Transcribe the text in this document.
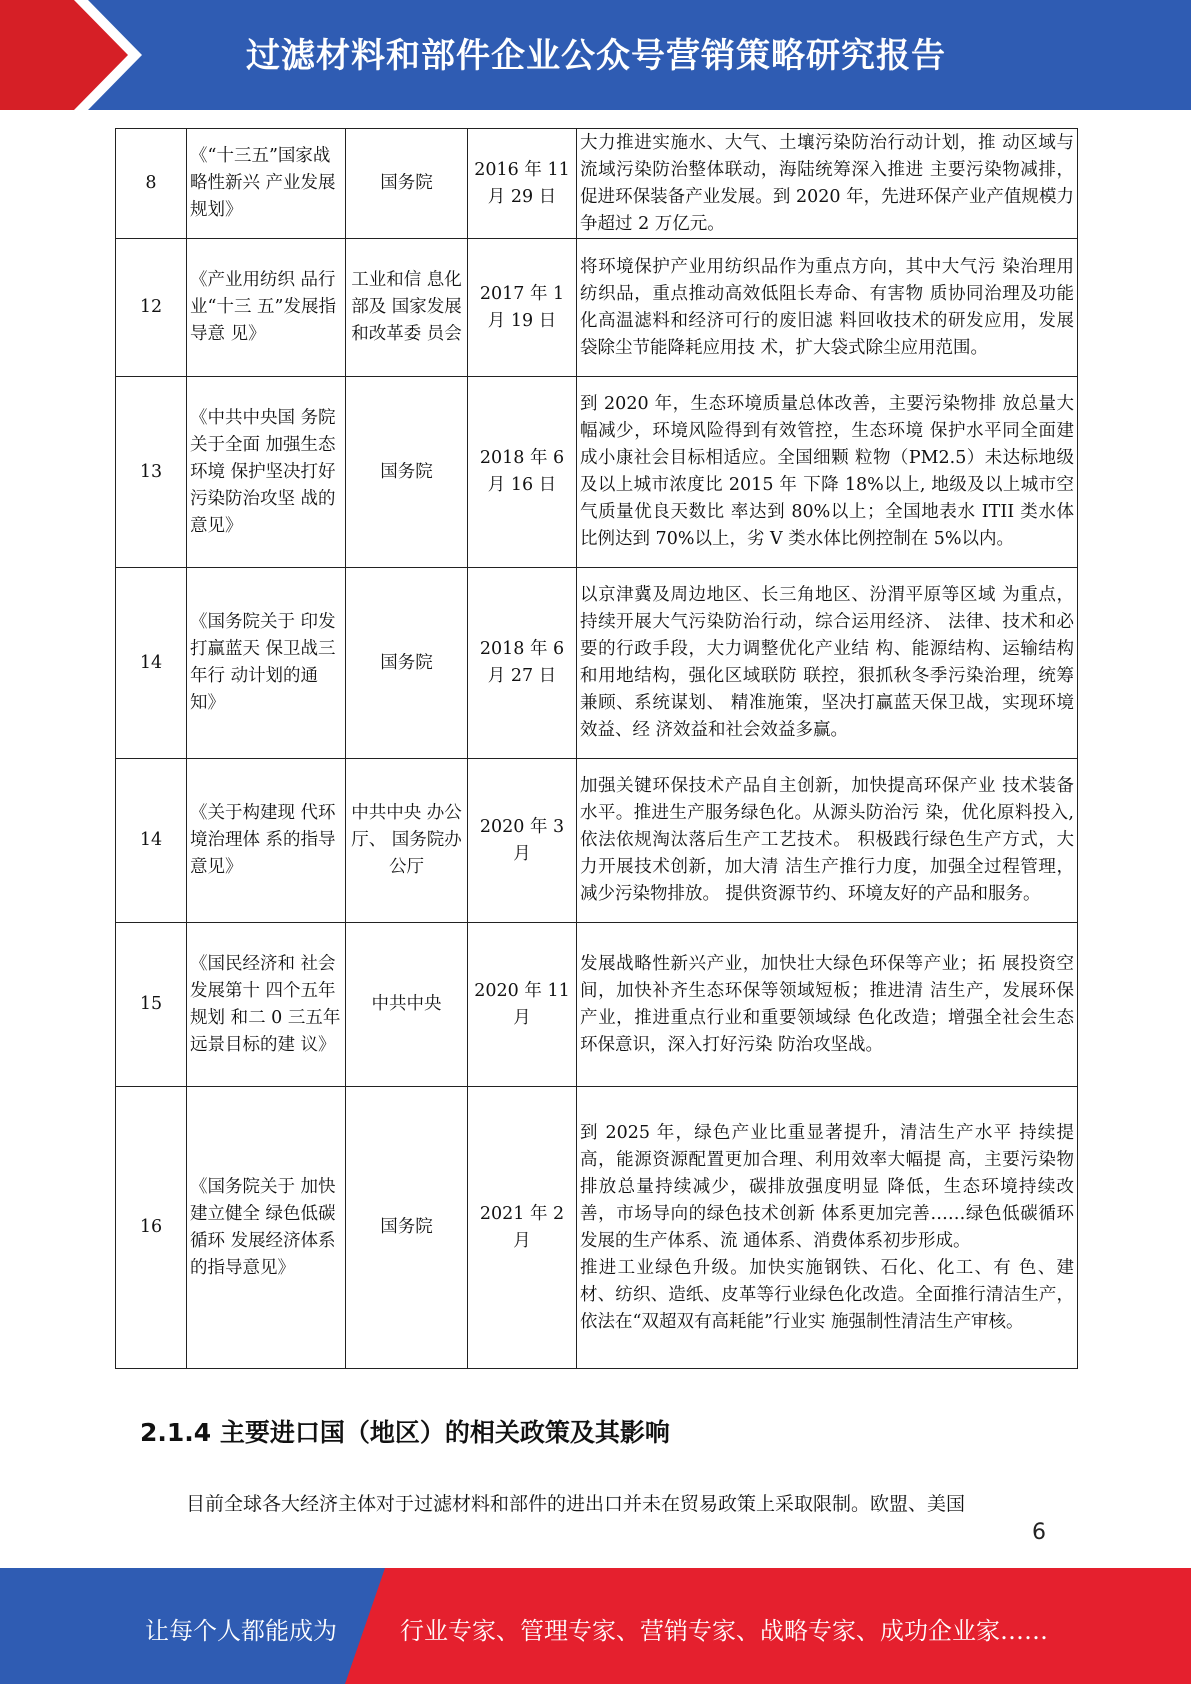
过滤材料和部件企业公众号营销策略研究报告
8	《“十三五”国家战略性新兴 产业发展规划》	国务院	2016 年 11 月 29 日	大力推进实施水、大气、土壤污染防治行动计划，推 动区域与流域污染防治整体联动，海陆统筹深入推进 主要污染物减排，促进环保装备产业发展。到 2020 年，先进环保产业产值规模力争超过 2 万亿元。
12	《产业用纺织 品行业“十三 五”发展指导意 见》	工业和信 息化部及 国家发展 和改革委 员会	2017 年 1 月 19 日	将环境保护产业用纺织品作为重点方向，其中大气污 染治理用纺织品，重点推动高效低阻长寿命、有害物 质协同治理及功能化高温滤料和经济可行的废旧滤 料回收技术的研发应用，发展袋除尘节能降耗应用技 术，扩大袋式除尘应用范围。
13	《中共中央国 务院关于全面 加强生态环境 保护坚决打好 污染防治攻坚 战的意见》	国务院	2018 年 6 月 16 日	到 2020 年，生态环境质量总体改善，主要污染物排 放总量大幅减少，环境风险得到有效管控，生态环境 保护水平同全面建成小康社会目标相适应。全国细颗 粒物（PM2.5）未达标地级及以上城市浓度比 2015 年 下降 18%以上, 地级及以上城市空气质量优良天数比 率达到 80%以上；全国地表水 ITII 类水体比例达到 70%以上，劣 V 类水体比例控制在 5%以内。
14	《国务院关于 印发打赢蓝天 保卫战三年行 动计划的通知》	国务院	2018 年 6 月 27 日	以京津冀及周边地区、长三角地区、汾渭平原等区域 为重点，持续开展大气污染防治行动，综合运用经济、 法律、技术和必要的行政手段，大力调整优化产业结 构、能源结构、运输结构和用地结构，强化区域联防 联控，狠抓秋冬季污染治理，统筹兼顾、系统谋划、 精准施策，坚决打赢蓝天保卫战，实现环境效益、经 济效益和社会效益多赢。
14	《关于构建现 代环境治理体 系的指导意见》	中共中央 办公厅、 国务院办 公厅	2020 年 3 月	加强关键环保技术产品自主创新，加快提高环保产业 技术装备水平。推进生产服务绿色化。从源头防治污 染，优化原料投入, 依法依规淘汰落后生产工艺技术。 积极践行绿色生产方式，大力开展技术创新，加大清 洁生产推行力度，加强全过程管理，减少污染物排放。 提供资源节约、环境友好的产品和服务。
15	《国民经济和 社会发展第十 四个五年规划 和二 0 三五年 远景目标的建 议》	中共中央	2020 年 11 月	发展战略性新兴产业，加快壮大绿色环保等产业；拓 展投资空间，加快补齐生态环保等领域短板；推进清 洁生产，发展环保产业，推进重点行业和重要领域绿 色化改造；增强全社会生态环保意识，深入打好污染 防治攻坚战。
16	《国务院关于 加快建立健全 绿色低碳循环 发展经济体系 的指导意见》	国务院	2021 年 2 月	到 2025 年，绿色产业比重显著提升，清洁生产水平 持续提高，能源资源配置更加合理、利用效率大幅提 高，主要污染物排放总量持续减少，碳排放强度明显 降低，生态环境持续改善，市场导向的绿色技术创新 体系更加完善……绿色低碳循环发展的生产体系、流 通体系、消费体系初步形成。
推进工业绿色升级。加快实施钢铁、石化、化工、有 色、建材、纺织、造纸、皮革等行业绿色化改造。全面推行清洁生产，依法在“双超双有高耗能”行业实 施强制性清洁生产审核。
2.1.4 主要进口国（地区）的相关政策及其影响
目前全球各大经济主体对于过滤材料和部件的进出口并未在贸易政策上采取限制。欧盟、美国
6
让每个人都能成为	行业专家、管理专家、营销专家、战略专家、成功企业家……
